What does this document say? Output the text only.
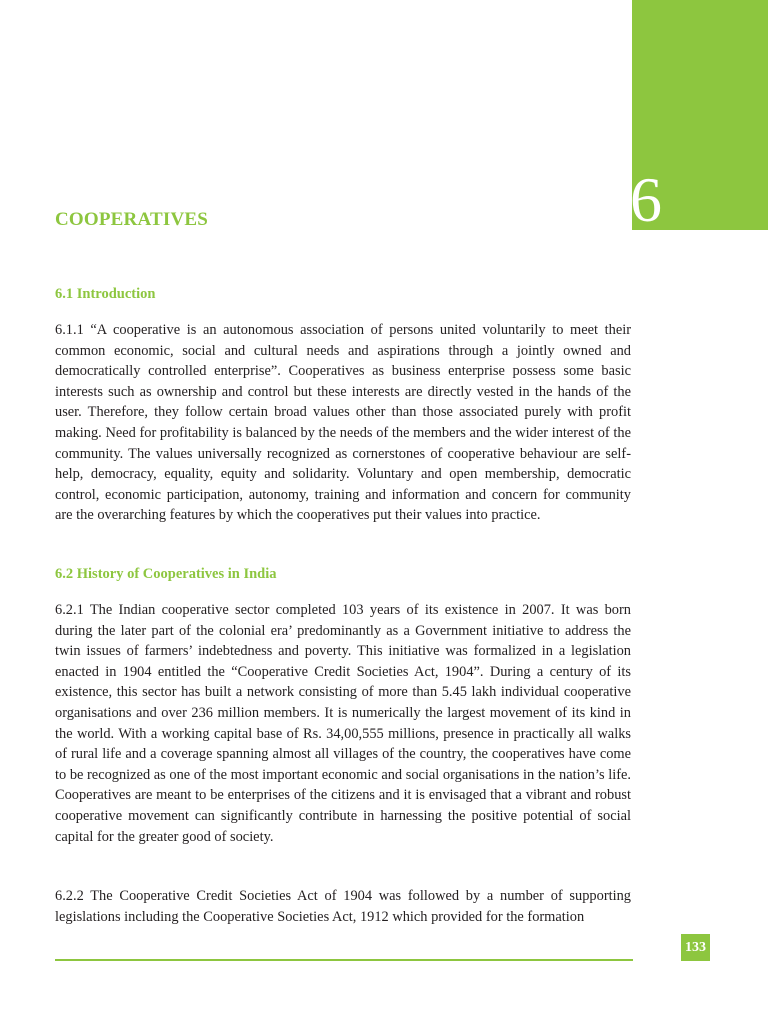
6
COOPERATIVES
6.1 Introduction

6.1.1 “A cooperative is an autonomous association of persons united voluntarily to meet their common economic, social and cultural needs and aspirations through a jointly owned and democratically controlled enterprise”. Cooperatives as business enterprise possess some basic interests such as ownership and control but these interests are directly vested in the hands of the user. Therefore, they follow certain broad values other than those associated purely with profit making. Need for profitability is balanced by the needs of the members and the wider interest of the community. The values universally recognized as cornerstones of cooperative behaviour are self-help, democracy, equality, equity and solidarity. Voluntary and open membership, democratic control, economic participation, autonomy, training and information and concern for community are the overarching features by which the cooperatives put their values into practice.

6.2 History of Cooperatives in India

6.2.1 The Indian cooperative sector completed 103 years of its existence in 2007. It was born during the later part of the colonial era’ predominantly as a Government initiative to address the twin issues of farmers’ indebtedness and poverty. This initiative was formalized in a legislation enacted in 1904 entitled the “Cooperative Credit Societies Act, 1904”. During a century of its existence, this sector has built a network consisting of more than 5.45 lakh individual cooperative organisations and over 236 million members. It is numerically the largest movement of its kind in the world. With a working capital base of Rs. 34,00,555 millions, presence in practically all walks of rural life and a coverage spanning almost all villages of the country, the cooperatives have come to be recognized as one of the most important economic and social organisations in the nation’s life. Cooperatives are meant to be enterprises of the citizens and it is envisaged that a vibrant and robust cooperative movement can significantly contribute in harnessing the positive potential of social capital for the greater good of society.

6.2.2 The Cooperative Credit Societies Act of 1904 was followed by a number of supporting legislations including the Cooperative Societies Act, 1912 which provided for the formation

133
